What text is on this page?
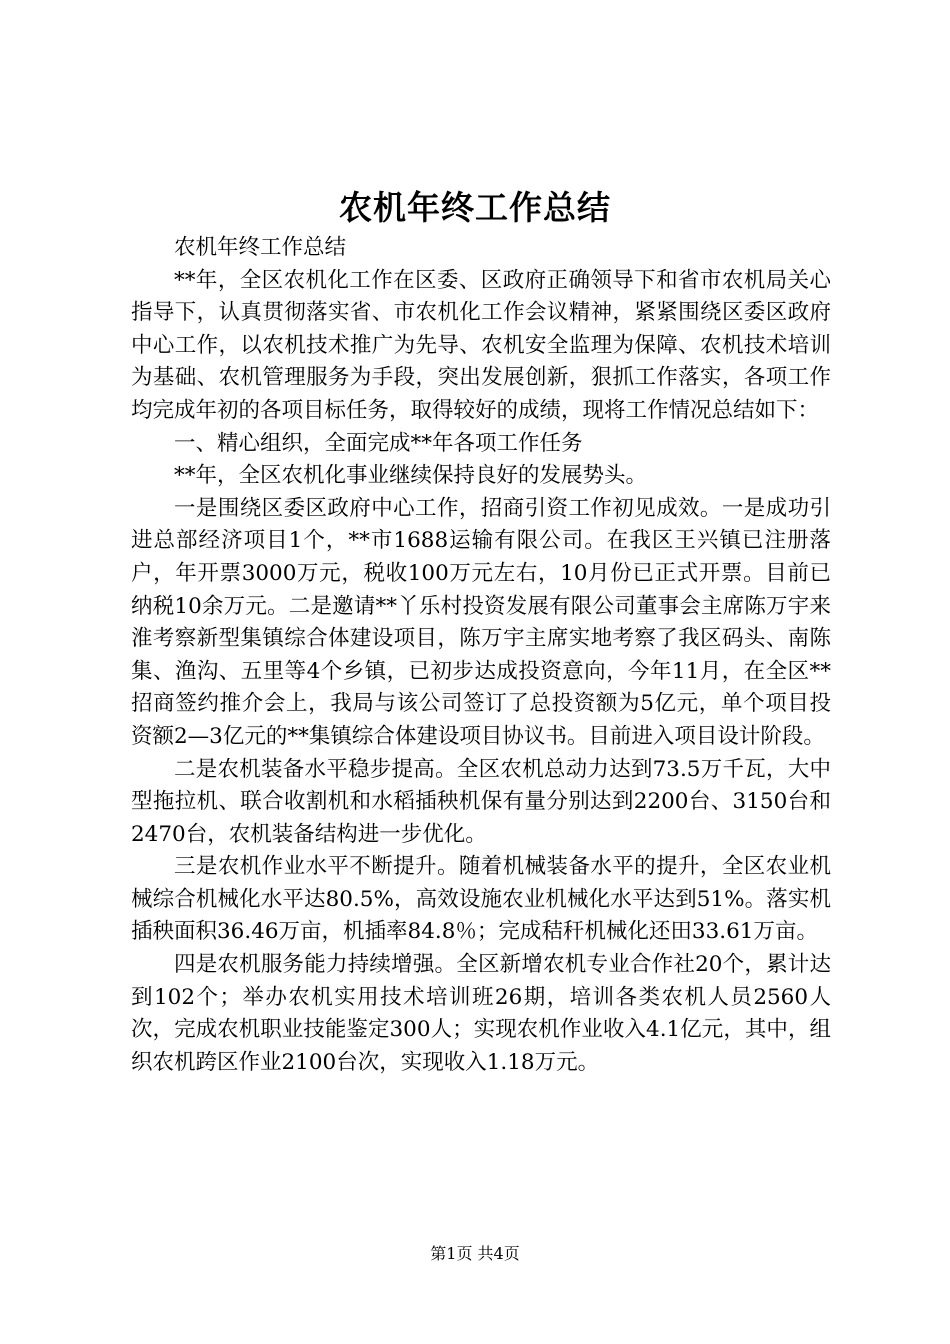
农机年终工作总结

农机年终工作总结

**年，全区农机化工作在区委、区政府正确领导下和省市农机局关心指导下，认真贯彻落实省、市农机化工作会议精神，紧紧围绕区委区政府中心工作，以农机技术推广为先导、农机安全监理为保障、农机技术培训为基础、农机管理服务为手段，突出发展创新，狠抓工作落实，各项工作均完成年初的各项目标任务，取得较好的成绩，现将工作情况总结如下：

一、精心组织，全面完成**年各项工作任务

**年，全区农机化事业继续保持良好的发展势头。

一是围绕区委区政府中心工作，招商引资工作初见成效。一是成功引进总部经济项目1个，**市1688运输有限公司。在我区王兴镇已注册落户，年开票3000万元，税收100万元左右，10月份已正式开票。目前已纳税10余万元。二是邀请**丫乐村投资发展有限公司董事会主席陈万宇来淮考察新型集镇综合体建设项目，陈万宇主席实地考察了我区码头、南陈集、渔沟、五里等4个乡镇，已初步达成投资意向，今年11月，在全区**招商签约推介会上，我局与该公司签订了总投资额为5亿元，单个项目投资额2—3亿元的**集镇综合体建设项目协议书。目前进入项目设计阶段。

二是农机装备水平稳步提高。全区农机总动力达到73.5万千瓦，大中型拖拉机、联合收割机和水稻插秧机保有量分别达到2200台、3150台和2470台，农机装备结构进一步优化。

三是农机作业水平不断提升。随着机械装备水平的提升，全区农业机械综合机械化水平达80.5%，高效设施农业机械化水平达到51%。落实机插秧面积36.46万亩，机插率84.8％；完成秸秆机械化还田33.61万亩。

四是农机服务能力持续增强。全区新增农机专业合作社20个，累计达到102个；举办农机实用技术培训班26期，培训各类农机人员2560人次，完成农机职业技能鉴定300人；实现农机作业收入4.1亿元，其中，组织农机跨区作业2100台次，实现收入1.18万元。

第1页 共4页
